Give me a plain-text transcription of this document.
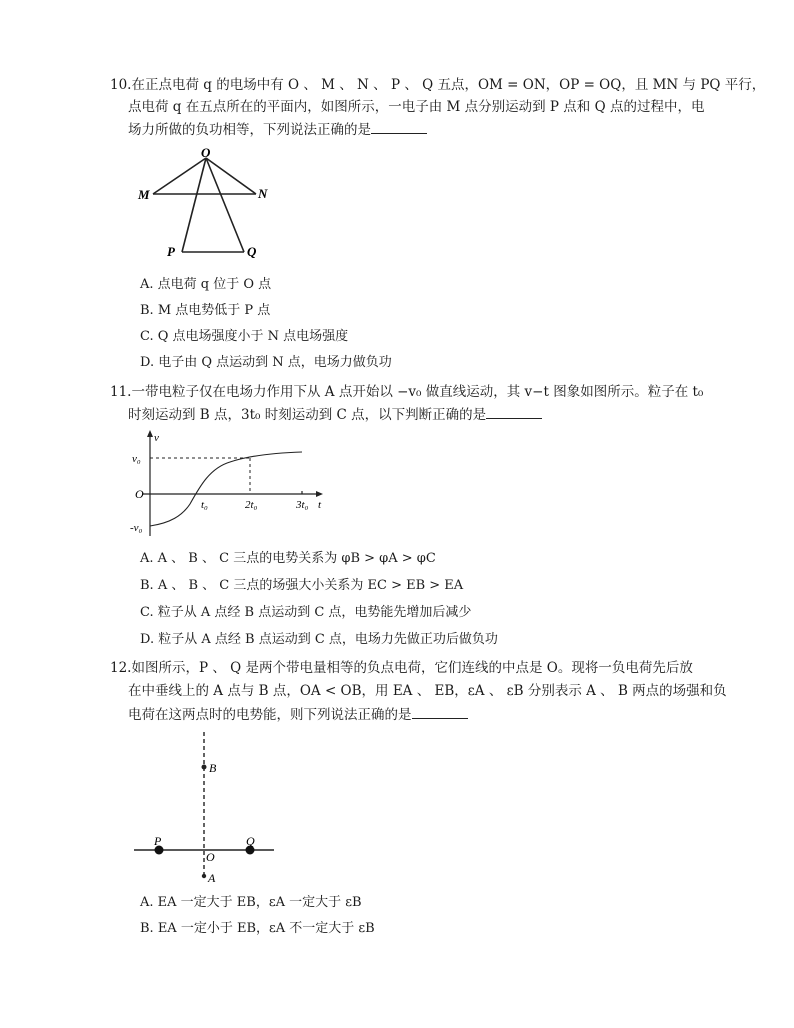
10.在正点电荷 q 的电场中有 O 、 M 、 N 、 P 、 Q 五点，OM = ON，OP = OQ，且 MN 与 PQ 平行，
点电荷 q 在五点所在的平面内，如图所示，一电子由 M 点分别运动到 P 点和 Q 点的过程中，电
场力所做的负功相等，下列说法正确的是
O
M	N
P	Q
A. 点电荷 q 位于 O 点
B. M 点电势低于 P 点
C. Q 点电场强度小于 N 点电场强度
D. 电子由 Q 点运动到 N 点，电场力做负功
11.一带电粒子仅在电场力作用下从 A 点开始以 −v₀ 做直线运动，其 v−t 图象如图所示。粒子在 t₀
时刻运动到 B 点，3t₀ 时刻运动到 C 点，以下判断正确的是
v
v₀
O
-v₀
t₀	2t₀	3t₀ t
A. A 、 B 、 C 三点的电势关系为 φB > φA > φC
B. A 、 B 、 C 三点的场强大小关系为 EC > EB > EA
C. 粒子从 A 点经 B 点运动到 C 点，电势能先增加后减少
D. 粒子从 A 点经 B 点运动到 C 点，电场力先做正功后做负功
12.如图所示，P 、 Q 是两个带电量相等的负点电荷，它们连线的中点是 O。现将一负电荷先后放
在中垂线上的 A 点与 B 点，OA < OB，用 EA 、 EB，εA 、 εB 分别表示 A 、 B 两点的场强和负
电荷在这两点时的电势能，则下列说法正确的是
B
P	Q
O
A
A. EA 一定大于 EB，εA 一定大于 εB
B. EA 一定小于 EB，εA 不一定大于 εB
